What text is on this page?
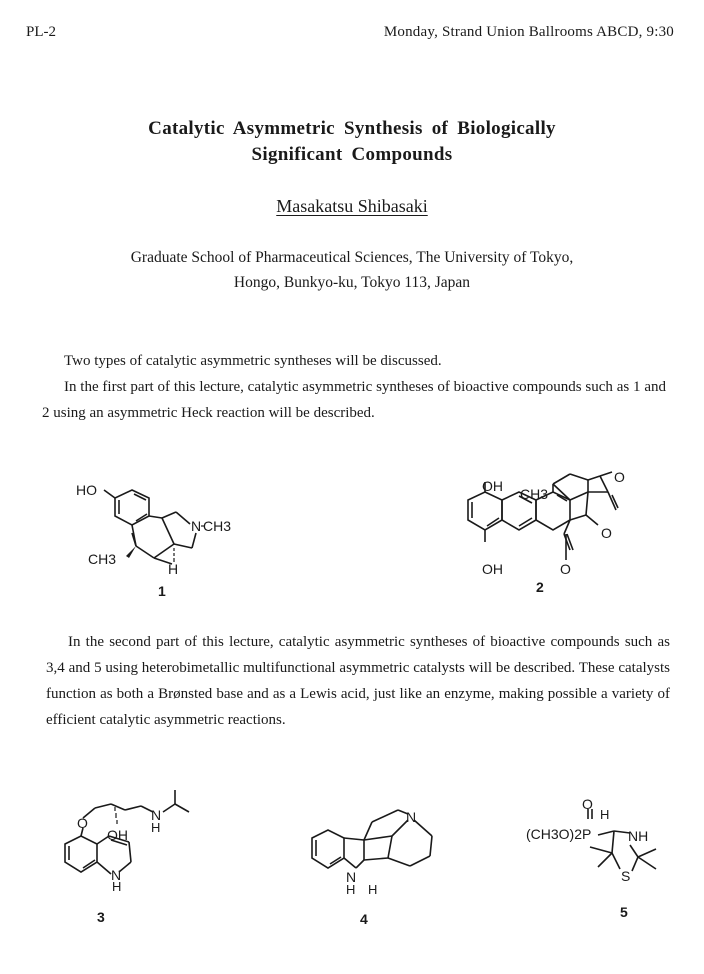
PL-2	Monday, Strand Union Ballrooms ABCD, 9:30
Catalytic Asymmetric Synthesis of Biologically
Significant Compounds
Masakatsu Shibasaki
Graduate School of Pharmaceutical Sciences, The University of Tokyo,
Hongo, Bunkyo-ku, Tokyo 113, Japan
Two types of catalytic asymmetric syntheses will be discussed.
In the first part of this lecture, catalytic asymmetric syntheses of bioactive compounds such as 1 and 2 using an asymmetric Heck reaction will be described.
HO
N CH3
CH3
H
1
OH CH3
O
O
OH	O
2
In the second part of this lecture, catalytic asymmetric syntheses of bioactive compounds such as 3,4 and 5 using heterobimetallic multifunctional asymmetric catalysts will be described. These catalysts function as both a Brønsted base and as a Lewis acid, just like an enzyme, making possible a variety of efficient catalytic asymmetric reactions.
O	N
H
OH
N
H
3
N
N
H H
4
O
H
(CH3O)2P	NH
S
5
